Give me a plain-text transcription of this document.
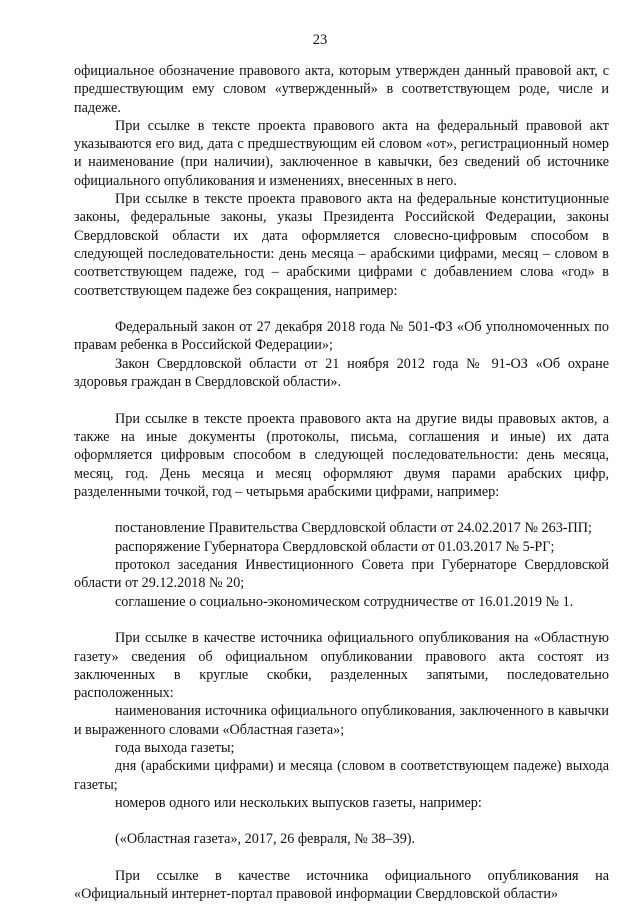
23

официальное обозначение правового акта, которым утвержден данный правовой акт, с предшествующим ему словом «утвержденный» в соответствующем роде, числе и падеже.

При ссылке в тексте проекта правового акта на федеральный правовой акт указываются его вид, дата с предшествующим ей словом «от», регистрационный номер и наименование (при наличии), заключенное в кавычки, без сведений об источнике официального опубликования и изменениях, внесенных в него.

При ссылке в тексте проекта правового акта на федеральные конституционные законы, федеральные законы, указы Президента Российской Федерации, законы Свердловской области их дата оформляется словесно-цифровым способом в следующей последовательности: день месяца – арабскими цифрами, месяц – словом в соответствующем падеже, год – арабскими цифрами с добавлением слова «год» в соответствующем падеже без сокращения, например:

Федеральный закон от 27 декабря 2018 года № 501-ФЗ «Об уполномоченных по правам ребенка в Российской Федерации»;

Закон Свердловской области от 21 ноября 2012 года № 91-ОЗ «Об охране здоровья граждан в Свердловской области».

При ссылке в тексте проекта правового акта на другие виды правовых актов, а также на иные документы (протоколы, письма, соглашения и иные) их дата оформляется цифровым способом в следующей последовательности: день месяца, месяц, год. День месяца и месяц оформляют двумя парами арабских цифр, разделенными точкой, год – четырьмя арабскими цифрами, например:

постановление Правительства Свердловской области от 24.02.2017 № 263-ПП;

распоряжение Губернатора Свердловской области от 01.03.2017 № 5-РГ;

протокол заседания Инвестиционного Совета при Губернаторе Свердловской области от 29.12.2018 № 20;

соглашение о социально-экономическом сотрудничестве от 16.01.2019 № 1.

При ссылке в качестве источника официального опубликования на «Областную газету» сведения об официальном опубликовании правового акта состоят из заключенных в круглые скобки, разделенных запятыми, последовательно расположенных:

наименования источника официального опубликования, заключенного в кавычки и выраженного словами «Областная газета»;

года выхода газеты;

дня (арабскими цифрами) и месяца (словом в соответствующем падеже) выхода газеты;

номеров одного или нескольких выпусков газеты, например:

(«Областная газета», 2017, 26 февраля, № 38–39).

При ссылке в качестве источника официального опубликования на «Официальный интернет-портал правовой информации Свердловской области»
